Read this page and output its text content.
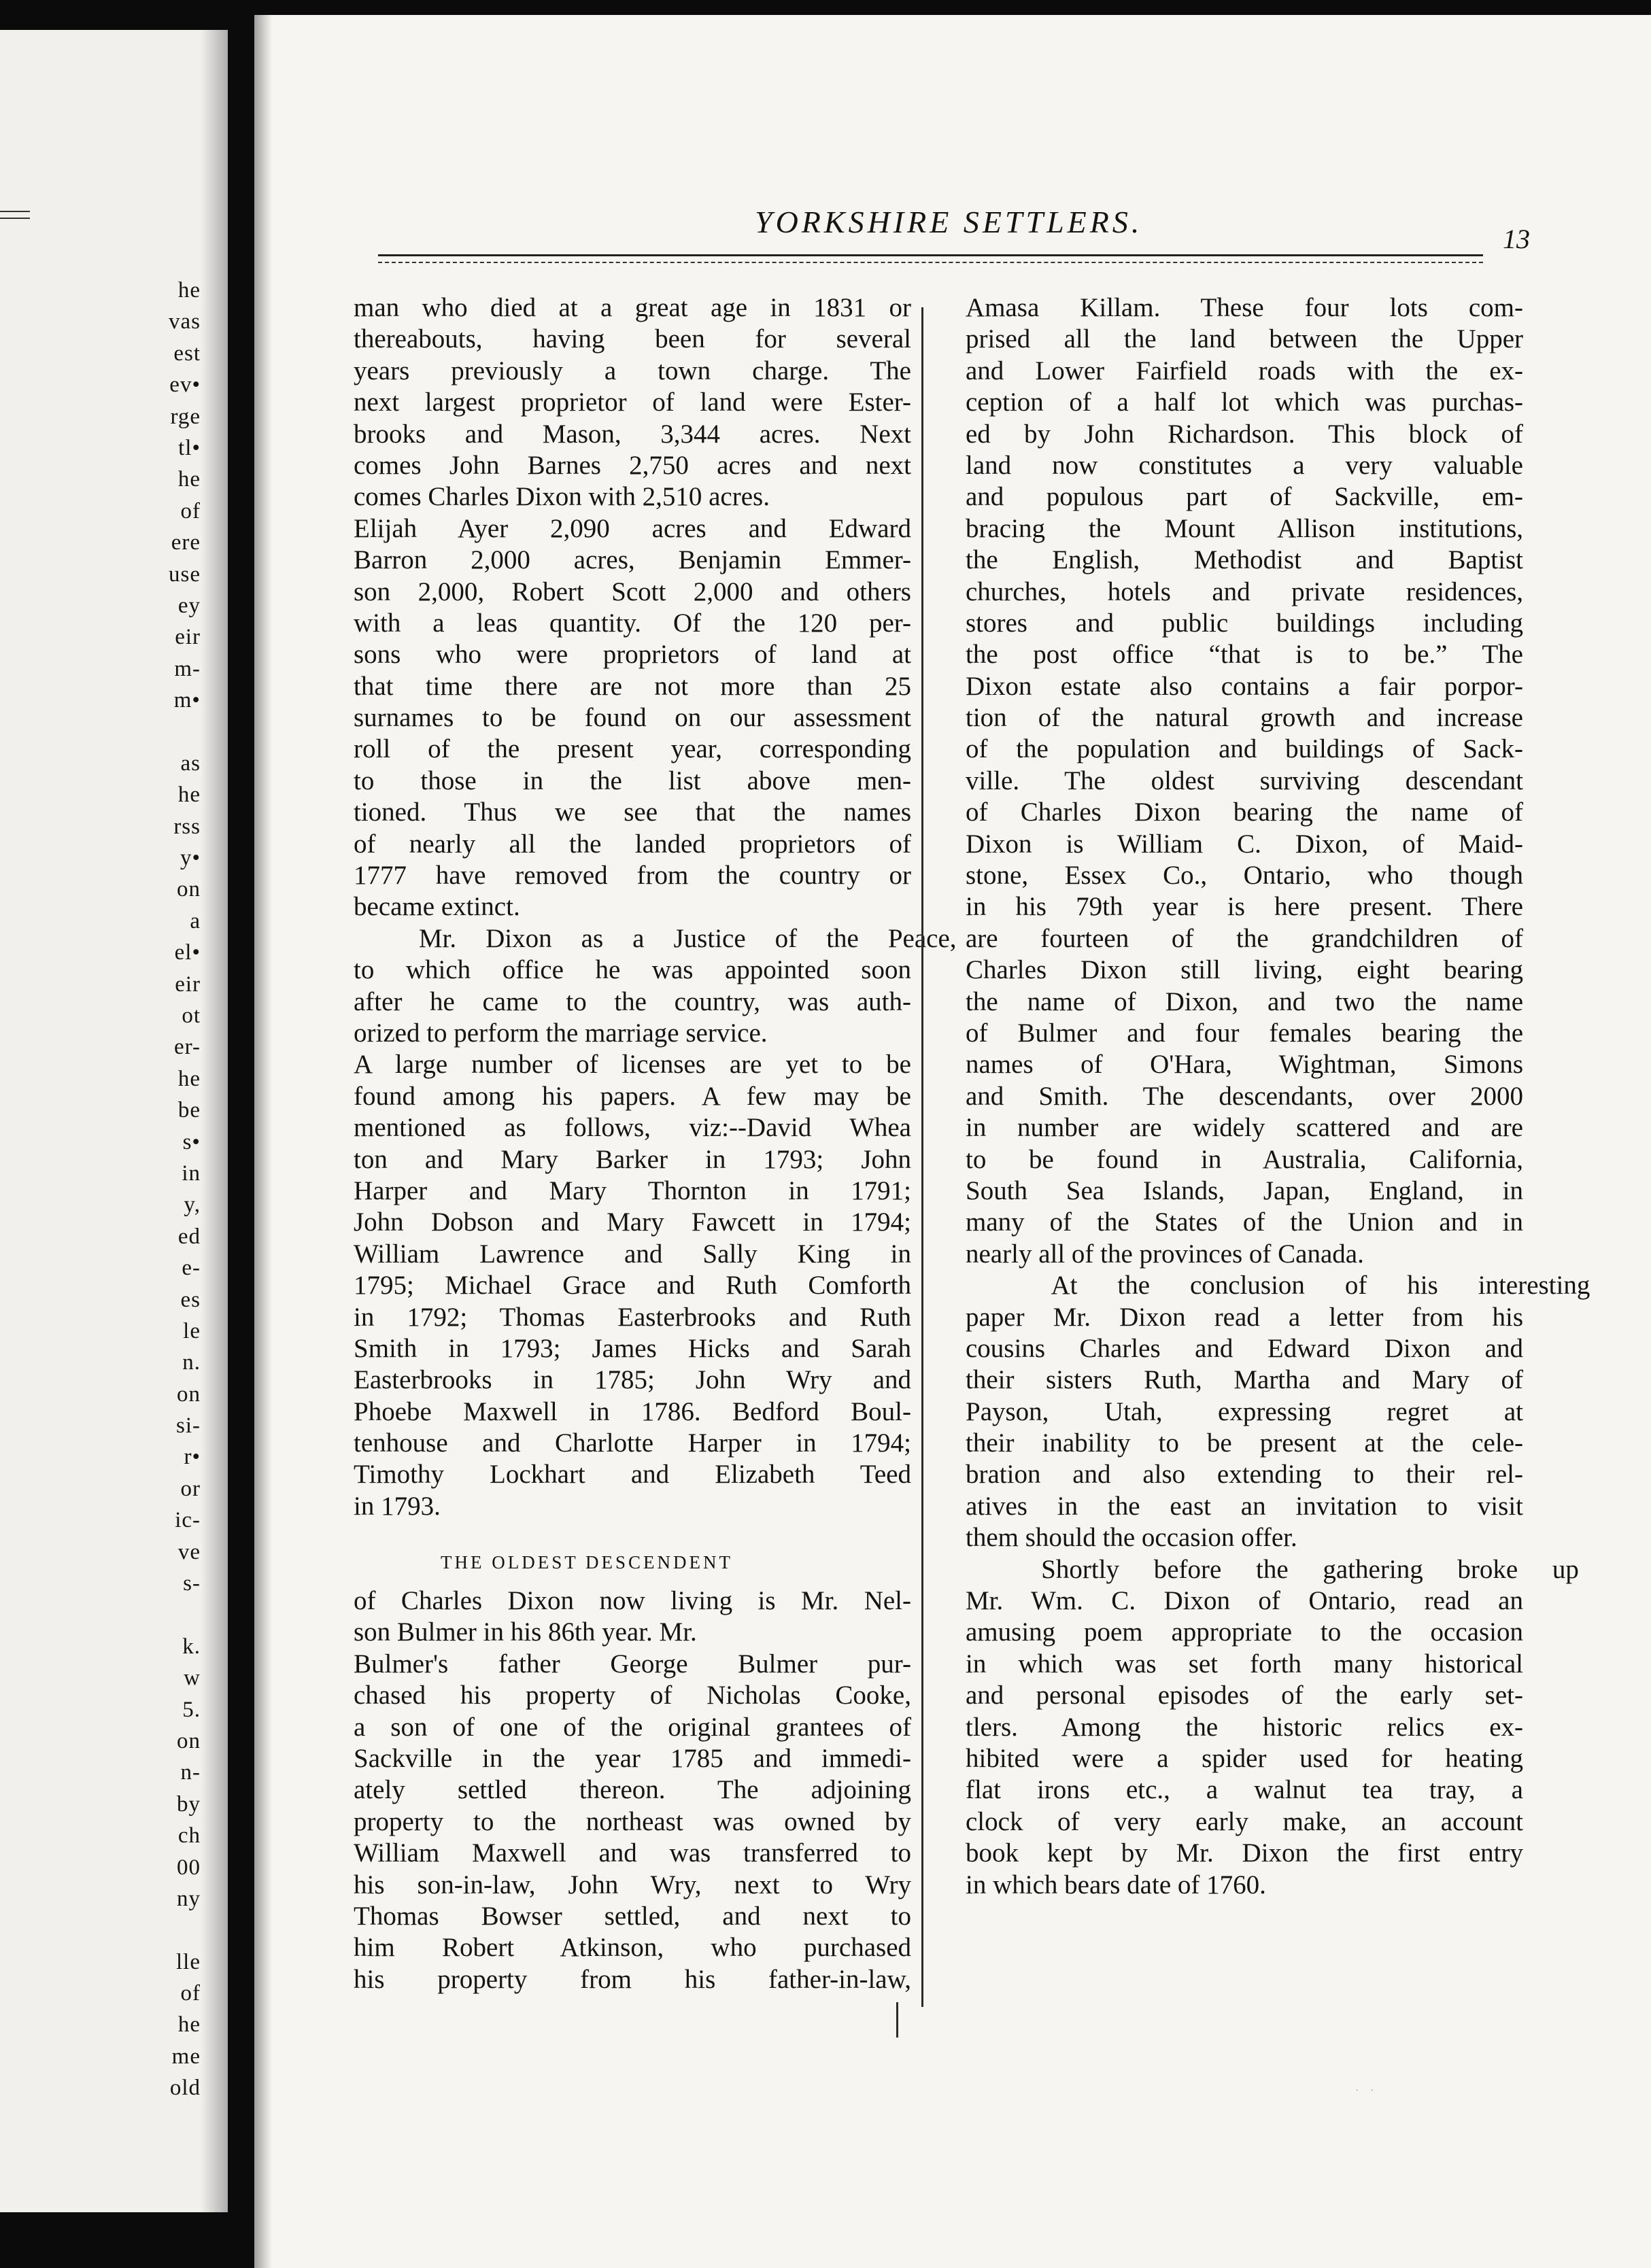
he
vas
est
ev•
rge
tl•
he
of
ere
use
ey
eir
m-
m•
as
he
rss
y•
on
a
el•
eir
ot
er-
he
be
s•
in
y,
ed
e-
es
le
n.
on
si-
r•
or
ic-
ve
s-
k.
w
5.
on
n-
by
ch
00
ny
lle
of
he
me
old
YORKSHIRE SETTLERS.	13
man who died at a great age in 1831 or
thereabouts, having been for several
years previously a town charge. The
next largest proprietor of land were Ester-
brooks and Mason, 3,344 acres. Next
comes John Barnes 2,750 acres and next
comes Charles Dixon with 2,510 acres.
Elijah Ayer 2,090 acres and Edward
Barron 2,000 acres, Benjamin Emmer-
son 2,000, Robert Scott 2,000 and others
with a leas quantity. Of the 120 per-
sons who were proprietors of land at
that time there are not more than 25
surnames to be found on our assessment
roll of the present year, corresponding
to those in the list above men-
tioned. Thus we see that the names
of nearly all the landed proprietors of
1777 have removed from the country or
became extinct.
Mr. Dixon as a Justice of the Peace,
to which office he was appointed soon
after he came to the country, was auth-
orized to perform the marriage service.
A large number of licenses are yet to be
found among his papers. A few may be
mentioned as follows, viz:--David Whea
ton and Mary Barker in 1793; John
Harper and Mary Thornton in 1791;
John Dobson and Mary Fawcett in 1794;
William Lawrence and Sally King in
1795; Michael Grace and Ruth Comforth
in 1792; Thomas Easterbrooks and Ruth
Smith in 1793; James Hicks and Sarah
Easterbrooks in 1785; John Wry and
Phoebe Maxwell in 1786. Bedford Boul-
tenhouse and Charlotte Harper in 1794;
Timothy Lockhart and Elizabeth Teed
in 1793.
THE OLDEST DESCENDENT
of Charles Dixon now living is Mr. Nel-
son Bulmer in his 86th year. Mr.
Bulmer's father George Bulmer pur-
chased his property of Nicholas Cooke,
a son of one of the original grantees of
Sackville in the year 1785 and immedi-
ately settled thereon. The adjoining
property to the northeast was owned by
William Maxwell and was transferred to
his son-in-law, John Wry, next to Wry
Thomas Bowser settled, and next to
him Robert Atkinson, who purchased
his property from his father-in-law,
Amasa Killam. These four lots com-
prised all the land between the Upper
and Lower Fairfield roads with the ex-
ception of a half lot which was purchas-
ed by John Richardson. This block of
land now constitutes a very valuable
and populous part of Sackville, em-
bracing the Mount Allison institutions,
the English, Methodist and Baptist
churches, hotels and private residences,
stores and public buildings including
the post office “that is to be.” The
Dixon estate also contains a fair porpor-
tion of the natural growth and increase
of the population and buildings of Sack-
ville. The oldest surviving descendant
of Charles Dixon bearing the name of
Dixon is William C. Dixon, of Maid-
stone, Essex Co., Ontario, who though
in his 79th year is here present. There
are fourteen of the grandchildren of
Charles Dixon still living, eight bearing
the name of Dixon, and two the name
of Bulmer and four females bearing the
names of O'Hara, Wightman, Simons
and Smith. The descendants, over 2000
in number are widely scattered and are
to be found in Australia, California,
South Sea Islands, Japan, England, in
many of the States of the Union and in
nearly all of the provinces of Canada.
At the conclusion of his interesting
paper Mr. Dixon read a letter from his
cousins Charles and Edward Dixon and
their sisters Ruth, Martha and Mary of
Payson, Utah, expressing regret at
their inability to be present at the cele-
bration and also extending to their rel-
atives in the east an invitation to visit
them should the occasion offer.
Shortly before the gathering broke up
Mr. Wm. C. Dixon of Ontario, read an
amusing poem appropriate to the occasion
in which was set forth many historical
and personal episodes of the early set-
tlers. Among the historic relics ex-
hibited were a spider used for heating
flat irons etc., a walnut tea tray, a
clock of very early make, an account
book kept by Mr. Dixon the first entry
in which bears date of 1760.
· ·
